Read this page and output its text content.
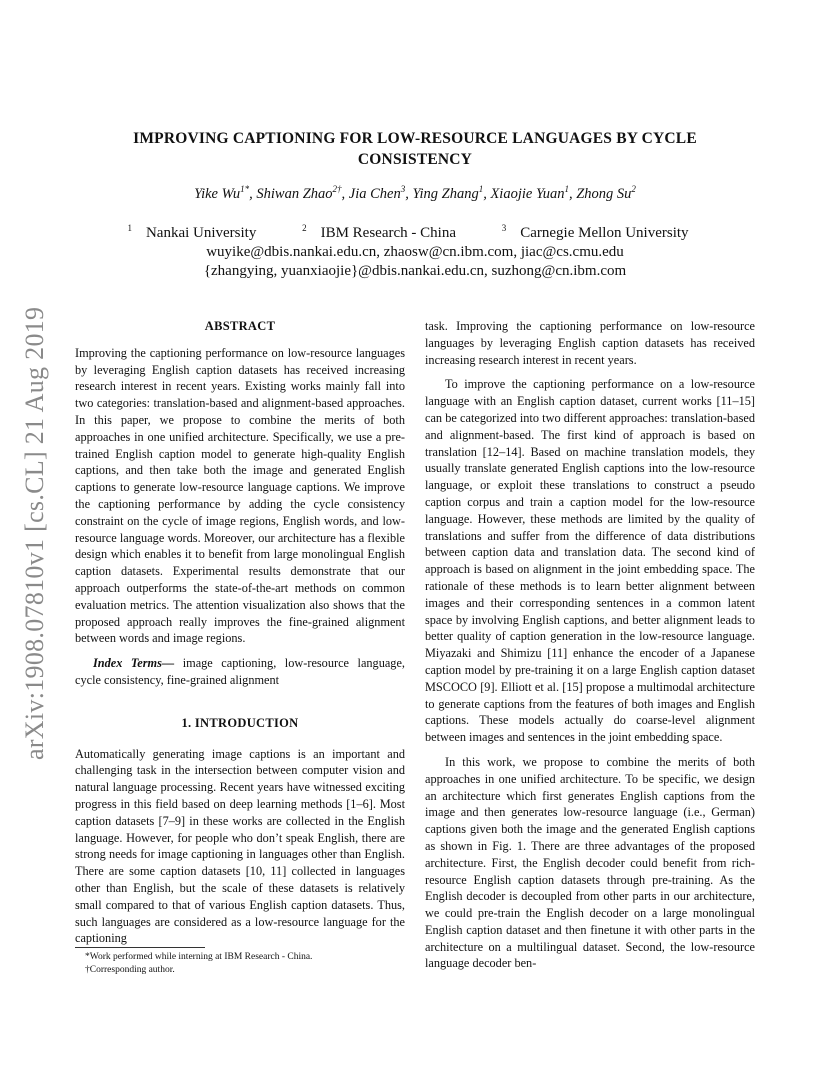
arXiv:1908.07810v1 [cs.CL] 21 Aug 2019
IMPROVING CAPTIONING FOR LOW-RESOURCE LANGUAGES BY CYCLE
CONSISTENCY
Yike $Wu^{1*}$, Shiwan Zhao$^{2\dagger}$, Jia Chen$^3$, Ying Zhang$^1$, Xiaojie Yuan$^1$, Zhong Su$^2$
$^1$ Nankai University	$^2$ IBM Research - China	$^3$ Carnegie Mellon University
wuyike@dbis.nankai.edu.cn, zhaosw@cn.ibm.com, jiac@cs.cmu.edu
{zhangying, yuanxiaojie}@dbis.nankai.edu.cn, suzhong@cn.ibm.com
ABSTRACT

Improving the captioning performance on low-resource languages by leveraging English caption datasets has received increasing research interest in recent years. Existing works mainly fall into two categories: translation-based and alignment-based approaches. In this paper, we propose to combine the merits of both approaches in one unified architecture. Specifically, we use a pre-trained English caption model to generate high-quality English captions, and then take both the image and generated English captions to generate low-resource language captions. We improve the captioning performance by adding the cycle consistency constraint on the cycle of image regions, English words, and low-resource language words. Moreover, our architecture has a flexible design which enables it to benefit from large monolingual English caption datasets. Experimental results demonstrate that our approach outperforms the state-of-the-art methods on common evaluation metrics. The attention visualization also shows that the proposed approach really improves the fine-grained alignment between words and image regions.

Index Terms— image captioning, low-resource language, cycle consistency, fine-grained alignment

1. INTRODUCTION

Automatically generating image captions is an important and challenging task in the intersection between computer vision and natural language processing. Recent years have witnessed exciting progress in this field based on deep learning methods [1–6]. Most caption datasets [7–9] in these works are collected in the English language. However, for people who don’t speak English, there are strong needs for image captioning in languages other than English. There are some caption datasets [10, 11] collected in languages other than English, but the scale of these datasets is relatively small compared to that of various English caption datasets. Thus, such languages are considered as a low-resource language for the captioning

task. Improving the captioning performance on low-resource languages by leveraging English caption datasets has received increasing research interest in recent years.

To improve the captioning performance on a low-resource language with an English caption dataset, current works [11–15] can be categorized into two different approaches: translation-based and alignment-based. The first kind of approach is based on translation [12–14]. Based on machine translation models, they usually translate generated English captions into the low-resource language, or exploit these translations to construct a pseudo caption corpus and train a caption model for the low-resource language. However, these methods are limited by the quality of translations and suffer from the difference of data distributions between caption data and translation data. The second kind of approach is based on alignment in the joint embedding space. The rationale of these methods is to learn better alignment between images and their corresponding sentences in a common latent space by involving English captions, and better alignment leads to better quality of caption generation in the low-resource language. Miyazaki and Shimizu [11] enhance the encoder of a Japanese caption model by pre-training it on a large English caption dataset MSCOCO [9]. Elliott et al. [15] propose a multimodal architecture to generate captions from the features of both images and English captions. These models actually do coarse-level alignment between images and sentences in the joint embedding space.

In this work, we propose to combine the merits of both approaches in one unified architecture. To be specific, we design an architecture which first generates English captions from the image and then generates low-resource language (i.e., German) captions given both the image and the generated English captions as shown in Fig. 1. There are three advantages of the proposed architecture. First, the English decoder could benefit from rich-resource English caption datasets through pre-training. As the English decoder is decoupled from other parts in our architecture, we could pre-train the English decoder on a large monolingual English caption dataset and then finetune it with other parts in the architecture on a multilingual dataset. Second, the low-resource language decoder ben-

*Work performed while interning at IBM Research - China.
†Corresponding author.
